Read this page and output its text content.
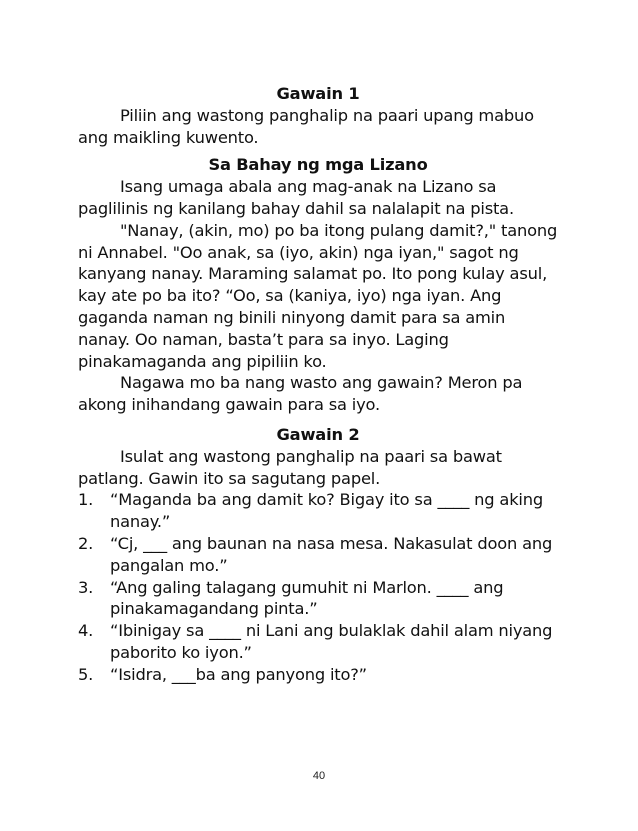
Gawain 1

Piliin ang wastong panghalip na paari upang mabuo ang maikling kuwento.

Sa Bahay ng mga Lizano

Isang umaga abala ang mag-anak na Lizano sa paglilinis ng kanilang bahay dahil sa nalalapit na pista.

"Nanay, (akin, mo) po ba itong pulang damit?," tanong ni Annabel. "Oo anak, sa (iyo, akin) nga iyan," sagot ng kanyang nanay. Maraming salamat po. Ito pong kulay asul, kay ate po ba ito? “Oo, sa (kaniya, iyo) nga iyan. Ang gaganda naman ng binili ninyong damit para sa amin nanay. Oo naman, basta’t para sa inyo. Laging pinakamaganda ang pipiliin ko.

Nagawa mo ba nang wasto ang gawain? Meron pa akong inihandang gawain para sa iyo.

Gawain 2

Isulat ang wastong panghalip na paari sa bawat patlang. Gawin ito sa sagutang papel.

1.	“Maganda ba ang damit ko? Bigay ito sa ____ ng aking nanay.”
2.	“Cj, ___ ang baunan na nasa mesa. Nakasulat doon ang pangalan mo.”
3.	“Ang galing talagang gumuhit ni Marlon. ____ ang pinakamagandang pinta.”
4.	“Ibinigay sa ____ ni Lani ang bulaklak dahil alam niyang paborito ko iyon.”
5.	“Isidra, ___ba ang panyong ito?”
40
